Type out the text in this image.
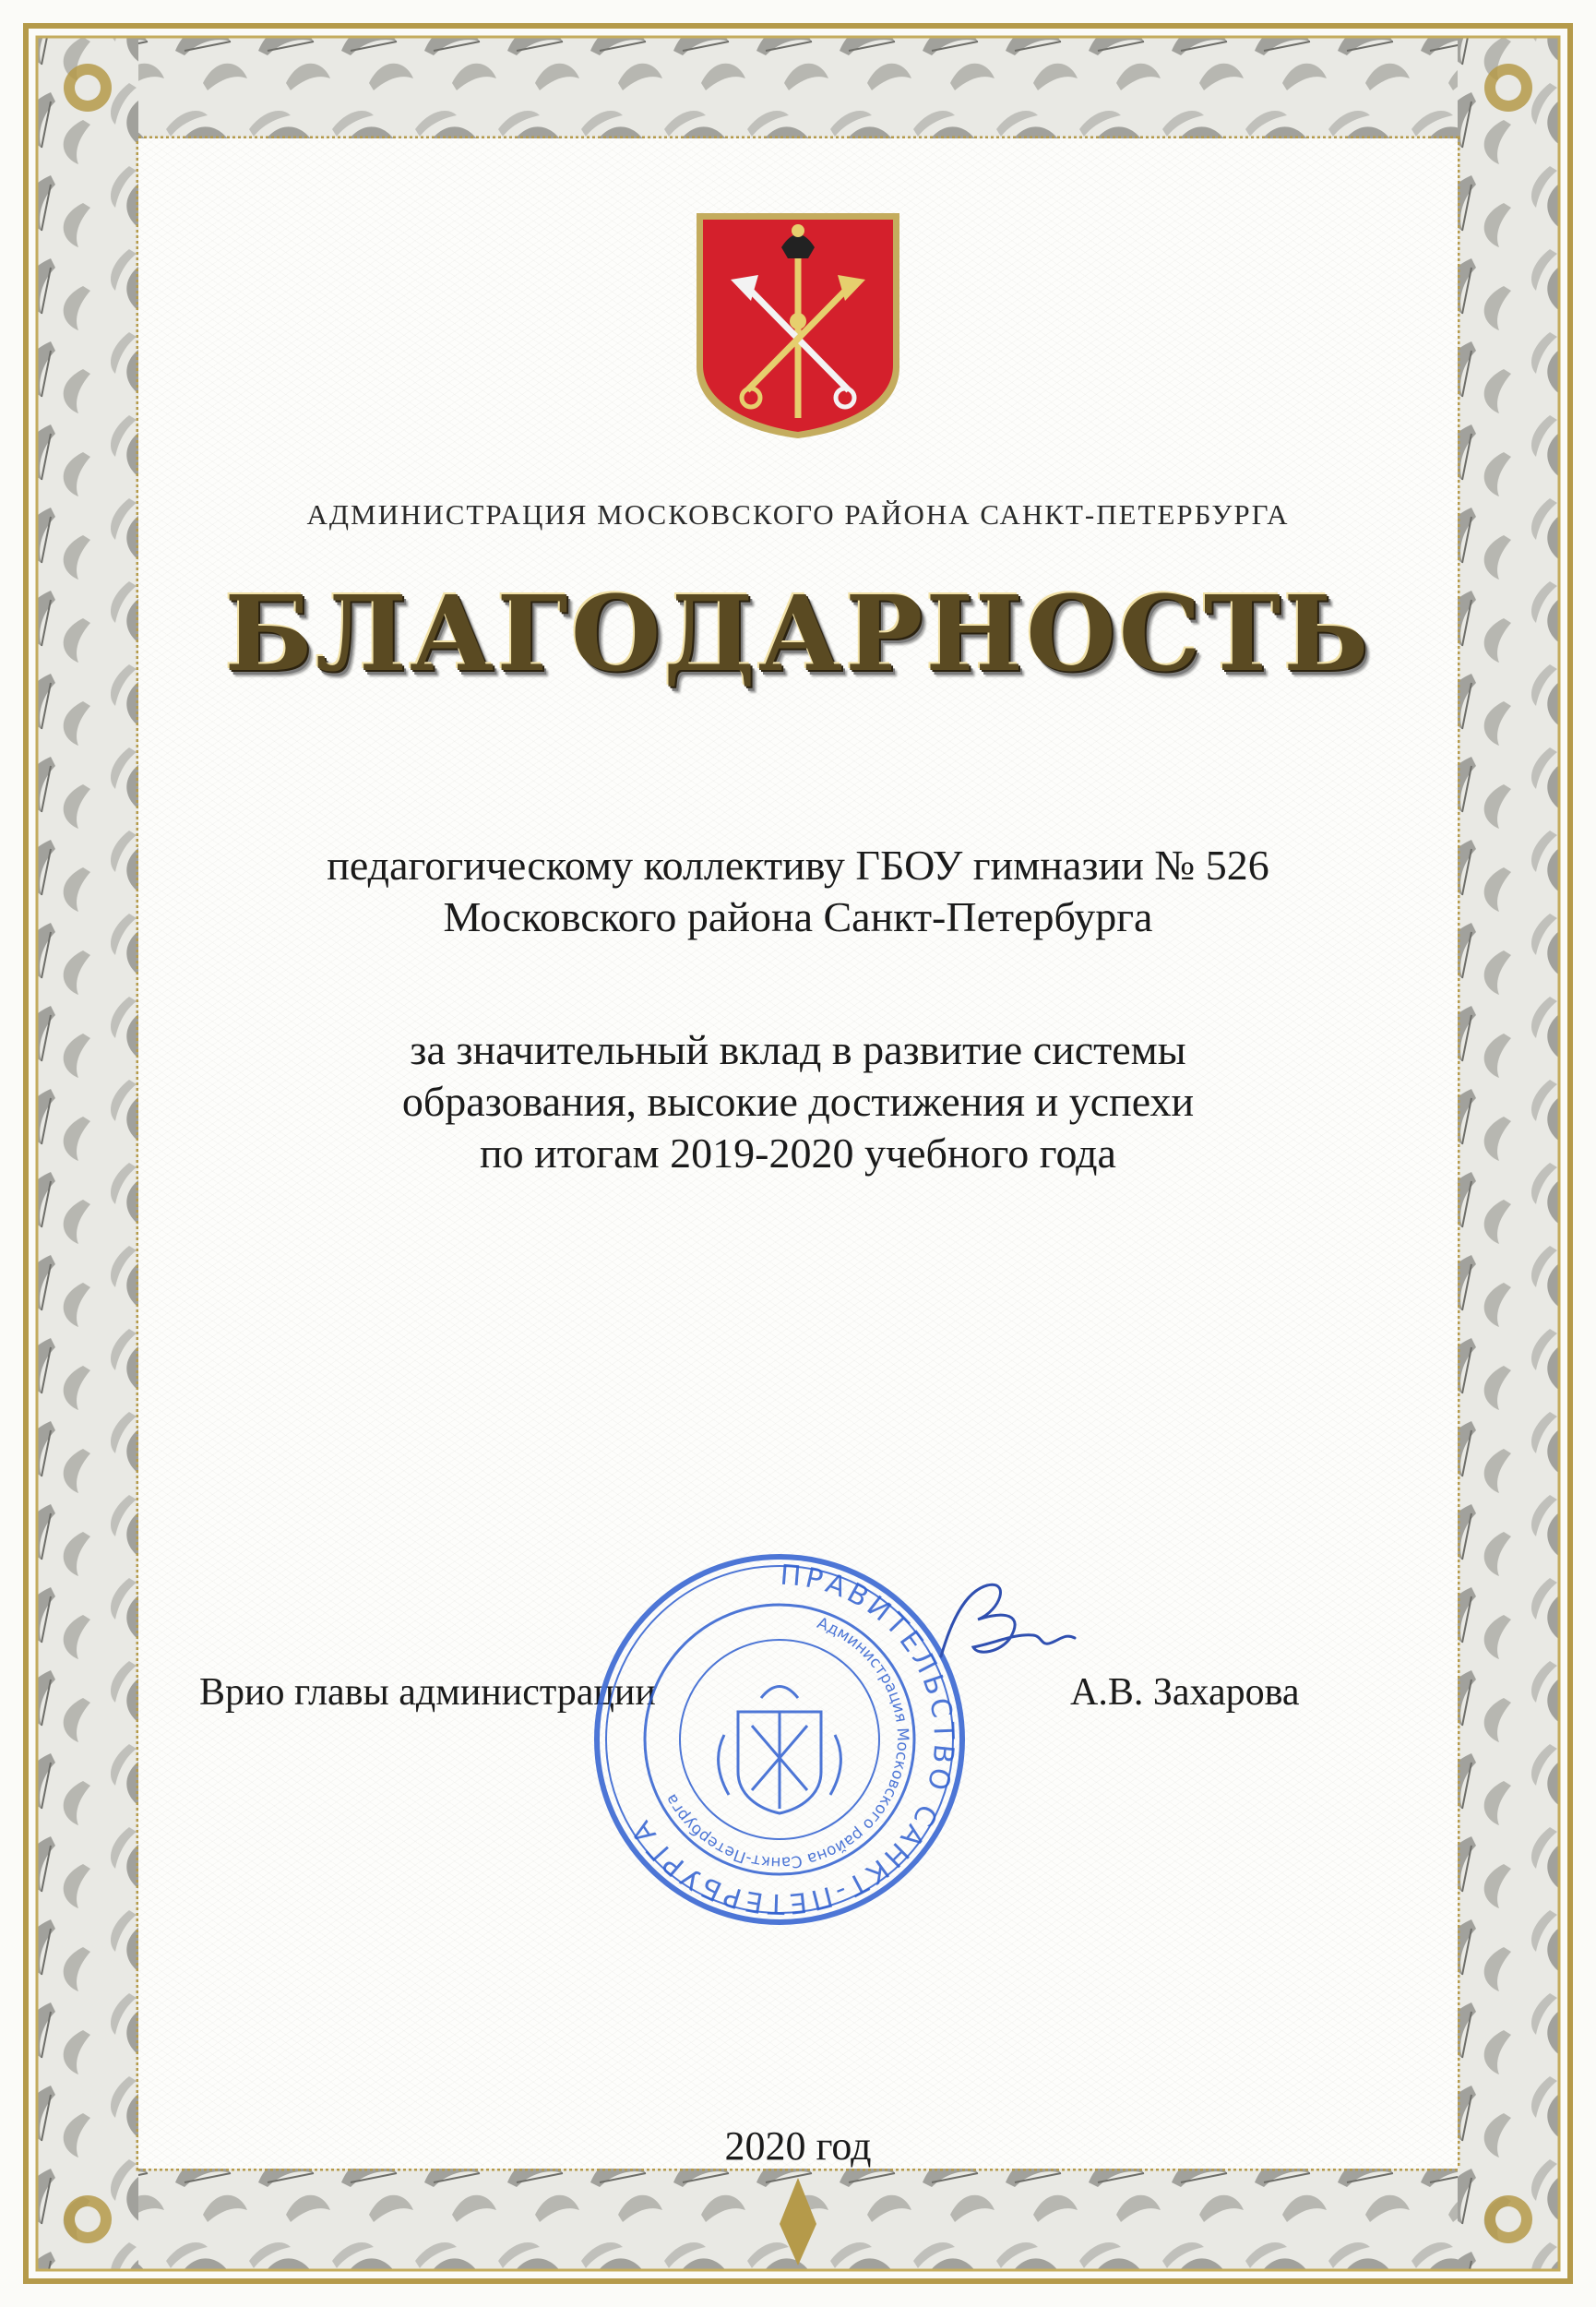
АДМИНИСТРАЦИЯ МОСКОВСКОГО РАЙОНА САНКТ-ПЕТЕРБУРГА
БЛАГОДАРНОСТЬ
педагогическому коллективу ГБОУ гимназии № 526
Московского района Санкт-Петербурга
за значительный вклад в развитие системы
образования, высокие достижения и успехи
по итогам 2019-2020 учебного года
Врио главы администрации	А.В. Захарова
ПРАВИТЕЛЬСТВО САНКТ-ПЕТЕРБУРГА
Администрация Московского района Санкт-Петербурга
2020 год
